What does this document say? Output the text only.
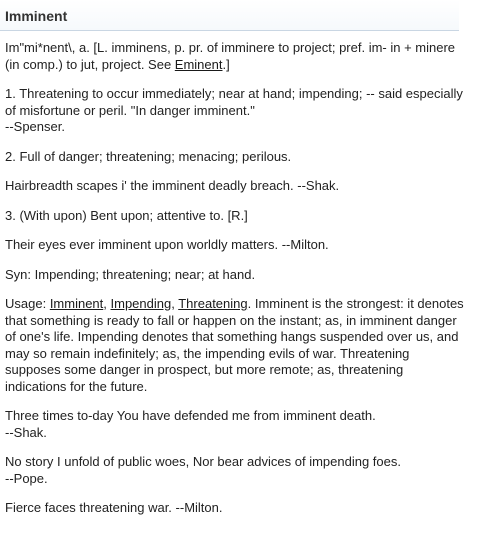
Imminent

Im"mi*nent\, a. [L. imminens, p. pr. of imminere to project; pref. im- in + minere (in comp.) to jut, project. See Eminent.]

1. Threatening to occur immediately; near at hand; impending; -- said especially of misfortune or peril. "In danger imminent."
--Spenser.

2. Full of danger; threatening; menacing; perilous.

Hairbreadth scapes i' the imminent deadly breach. --Shak.

3. (With upon) Bent upon; attentive to. [R.]

Their eyes ever imminent upon worldly matters. --Milton.

Syn: Impending; threatening; near; at hand.

Usage: Imminent, Impending, Threatening. Imminent is the strongest: it denotes that something is ready to fall or happen on the instant; as, in imminent danger of one's life. Impending denotes that something hangs suspended over us, and may so remain indefinitely; as, the impending evils of war. Threatening supposes some danger in prospect, but more remote; as, threatening indications for the future.

Three times to-day You have defended me from imminent death.
--Shak.

No story I unfold of public woes, Nor bear advices of impending foes.
--Pope.

Fierce faces threatening war. --Milton.
